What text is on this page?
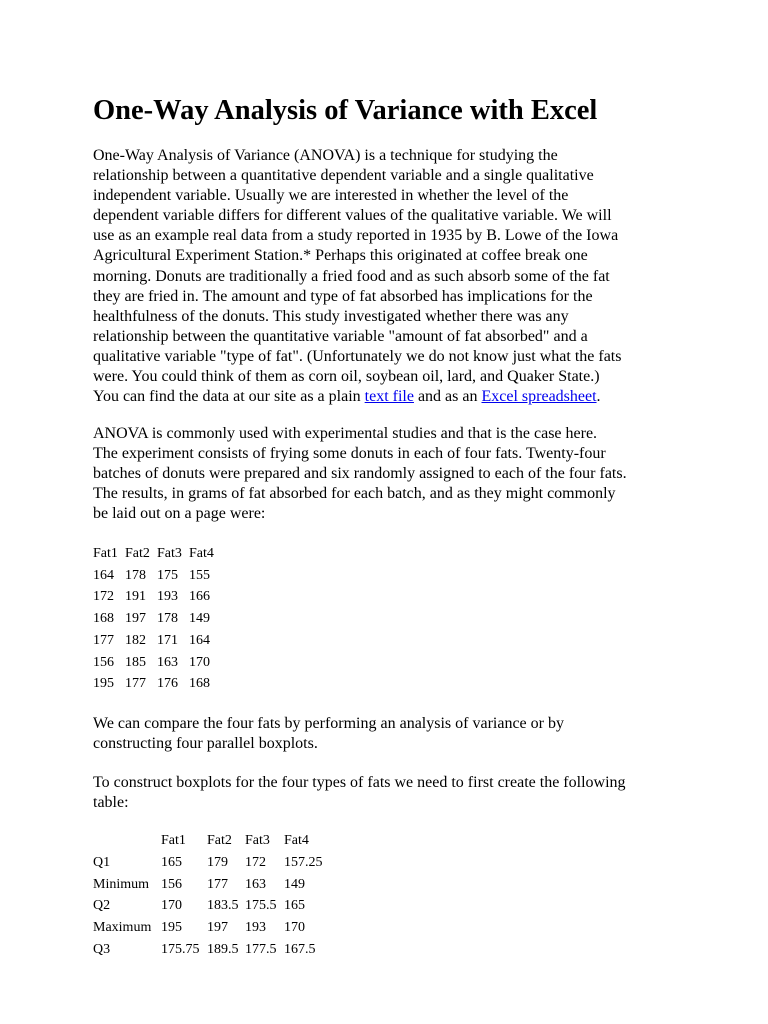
One-Way Analysis of Variance with Excel

One-Way Analysis of Variance (ANOVA) is a technique for studying the
relationship between a quantitative dependent variable and a single qualitative
independent variable. Usually we are interested in whether the level of the
dependent variable differs for different values of the qualitative variable. We will
use as an example real data from a study reported in 1935 by B. Lowe of the Iowa
Agricultural Experiment Station.* Perhaps this originated at coffee break one
morning. Donuts are traditionally a fried food and as such absorb some of the fat
they are fried in. The amount and type of fat absorbed has implications for the
healthfulness of the donuts. This study investigated whether there was any
relationship between the quantitative variable "amount of fat absorbed" and a
qualitative variable "type of fat". (Unfortunately we do not know just what the fats
were. You could think of them as corn oil, soybean oil, lard, and Quaker State.)
You can find the data at our site as a plain text file and as an Excel spreadsheet.

ANOVA is commonly used with experimental studies and that is the case here.
The experiment consists of frying some donuts in each of four fats. Twenty-four
batches of donuts were prepared and six randomly assigned to each of the four fats.
The results, in grams of fat absorbed for each batch, and as they might commonly
be laid out on a page were:

Fat1	Fat2	Fat3	Fat4
164	178	175	155
172	191	193	166
168	197	178	149
177	182	171	164
156	185	163	170
195	177	176	168

We can compare the four fats by performing an analysis of variance or by
constructing four parallel boxplots.

To construct boxplots for the four types of fats we need to first create the following
table:

	Fat1	Fat2	Fat3	Fat4
Q1	165	179	172	157.25
Minimum	156	177	163	149
Q2	170	183.5	175.5	165
Maximum	195	197	193	170
Q3	175.75	189.5	177.5	167.5
